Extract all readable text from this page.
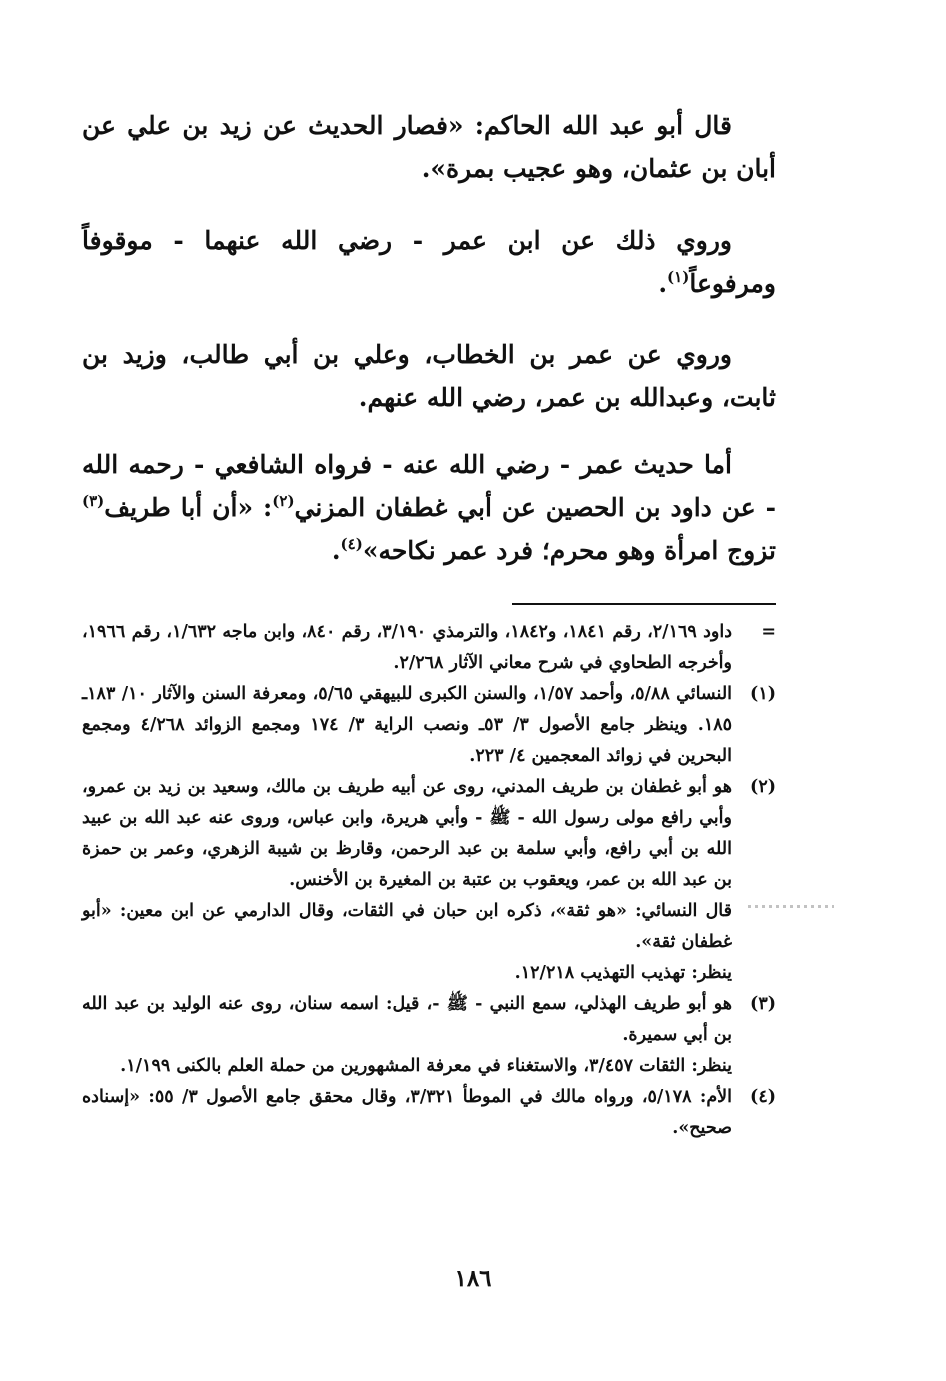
قال أبو عبد الله الحاكم: «فصار الحديث عن زيد بن علي عن أبان بن عثمان، وهو عجيب بمرة».

وروي ذلك عن ابن عمر - رضي الله عنهما - موقوفاً ومرفوعاً$^{(١)}$.

وروي عن عمر بن الخطاب، وعلي بن أبي طالب، وزيد بن ثابت، وعبدالله بن عمر، رضي الله عنهم.

أما حديث عمر - رضي الله عنه - فرواه الشافعي - رحمه الله - عن داود بن الحصين عن أبي غطفان المزني$^{(٢)}$: «أن أبا طريف$^{(٣)}$ تزوج امرأة وهو محرم؛ فرد عمر نكاحه»$^{(٤)}$.

=
داود ٢/١٦٩، رقم ١٨٤١، و١٨٤٢، والترمذي ٣/١٩٠، رقم ٨٤٠، وابن ماجه ١/٦٣٢، رقم ١٩٦٦، وأخرجه الطحاوي في شرح معاني الآثار ٢/٢٦٨.
(١)
النسائي ٥/٨٨، وأحمد ١/٥٧، والسنن الكبرى للبيهقي ٥/٦٥، ومعرفة السنن والآثار ١٠/ ١٨٣ـ ١٨٥. وينظر جامع الأصول ٣/ ٥٣ـ ونصب الراية ٣/ ١٧٤ ومجمع الزوائد ٤/٢٦٨ ومجمع البحرين في زوائد المعجمين ٤/ ٢٢٣.
(٢)
هو أبو غطفان بن طريف المدني، روى عن أبيه طريف بن مالك، وسعيد بن زيد بن عمرو، وأبي رافع مولى رسول الله - ﷺ - وأبي هريرة، وابن عباس، وروى عنه عبد الله بن عبيد الله بن أبي رافع، وأبي سلمة بن عبد الرحمن، وقارظ بن شيبة الزهري، وعمر بن حمزة بن عبد الله بن عمر، ويعقوب بن عتبة بن المغيرة بن الأخنس.
قال النسائي: «هو ثقة»، ذكره ابن حبان في الثقات، وقال الدارمي عن ابن معين: «أبو غطفان ثقة».
ينظر: تهذيب التهذيب ١٢/٢١٨.
(٣)
هو أبو طريف الهذلي، سمع النبي - ﷺ -، قيل: اسمه سنان، روى عنه الوليد بن عبد الله بن أبي سميرة.
ينظر: الثقات ٣/٤٥٧، والاستغناء في معرفة المشهورين من حملة العلم بالكنى ١/١٩٩.
(٤)
الأم: ٥/١٧٨، ورواه مالك في الموطأ ٣/٣٢١، وقال محقق جامع الأصول ٣/ ٥٥: «إسناده صحيح».
١٨٦
